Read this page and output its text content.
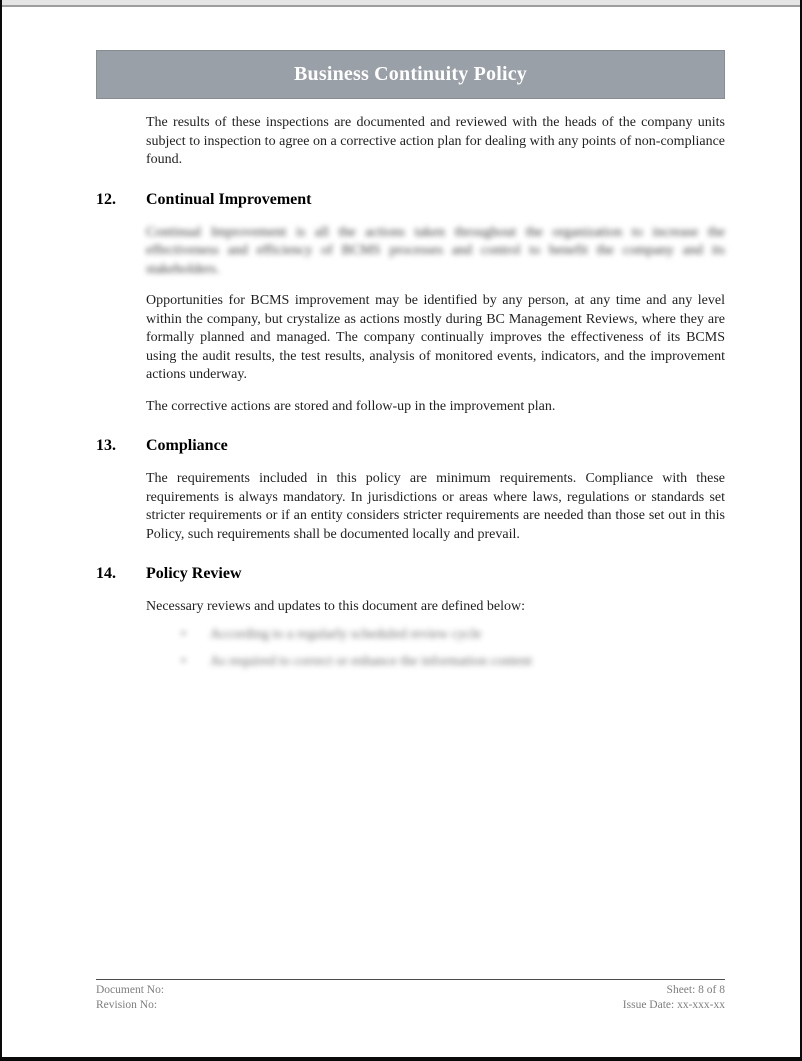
Business Continuity Policy

The results of these inspections are documented and reviewed with the heads of the company units subject to inspection to agree on a corrective action plan for dealing with any points of non-compliance found.

12.	Continual Improvement

Continual Improvement is all the actions taken throughout the organization to increase the effectiveness and efficiency of BCMS processes and control to benefit the company and its stakeholders.

Opportunities for BCMS improvement may be identified by any person, at any time and any level within the company, but crystalize as actions mostly during BC Management Reviews, where they are formally planned and managed. The company continually improves the effectiveness of its BCMS using the audit results, the test results, analysis of monitored events, indicators, and the improvement actions underway.

The corrective actions are stored and follow-up in the improvement plan.

13.	Compliance

The requirements included in this policy are minimum requirements. Compliance with these requirements is always mandatory. In jurisdictions or areas where laws, regulations or standards set stricter requirements or if an entity considers stricter requirements are needed than those set out in this Policy, such requirements shall be documented locally and prevail.

14.	Policy Review

Necessary reviews and updates to this document are defined below:

•	According to a regularly scheduled review cycle
•	As required to correct or enhance the information content
Document No:
Revision No:
Sheet: 8 of 8
Issue Date: xx-xxx-xx
